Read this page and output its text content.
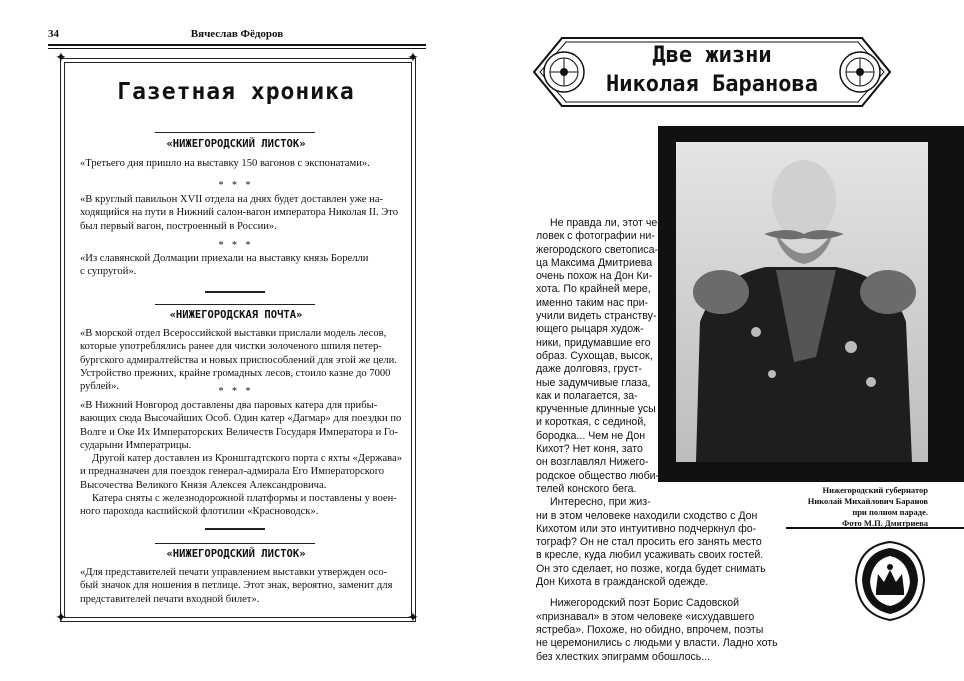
34	Вячеслав Фёдоров
✦	✦
✦	✦
Газетная хроника
«НИЖЕГОРОДСКИЙ ЛИСТОК»
«Третьего дня пришло на выставку 150 вагонов с экспонатами».
* * *
«В круглый павильон XVII отдела на днях будет доставлен уже на-
ходящийся на пути в Нижний салон-вагон императора Николая II. Это
был первый вагон, построенный в России».
* * *
«Из славянской Долмации приехали на выставку князь Борелли
с супругой».
«НИЖЕГОРОДСКАЯ ПОЧТА»
«В морской отдел Всероссийской выставки прислали модель лесов,
которые употреблялись ранее для чистки золоченого шпиля петер-
бургского адмиралтейства и новых приспособлений для этой же цели.
Устройство прежних, крайне громадных лесов, стоило казне до 7000
рублей».	* * *
«В Нижний Новгород доставлены два паровых катера для прибы-
вающих сюда Высочайших Особ. Один катер «Дагмар» для поездки по
Волге и Оке Их Императорских Величеств Государя Императора и Го-
сударыни Императрицы.
Другой катер доставлен из Кронштадтского порта с яхты «Держава»
и предназначен для поездок генерал-адмирала Его Императорского
Высочества Великого Князя Алексея Александровича.
Катера сняты с железнодорожной платформы и поставлены у воен-
ного парохода каспийской флотилии «Красноводск».
«НИЖЕГОРОДСКИЙ ЛИСТОК»
«Для представителей печати управлением выставки утвержден осо-
бый значок для ношения в петлице. Этот знак, вероятно, заменит для
представителей печати входной билет».
Две жизни
Николая Баранова
Не правда ли, этот че-
ловек с фотографии ни-
жегородского светописа-
ца Максима Дмитриева
очень похож на Дон Ки-
хота. По крайней мере,
именно таким нас при-
учили видеть странству-
ющего рыцаря худож-
ники, придумавшие его
образ. Сухощав, высок,
даже долговяз, груст-
ные задумчивые глаза,
как и полагается, за-
крученные длинные усы
и короткая, с сединой,
бородка... Чем не Дон
Кихот? Нет коня, зато
он возглавлял Нижего-
родское общество люби-
телей конского бега.
Интересно, при жиз-
ни в этом человеке находили сходство с Дон
Кихотом или это интуитивно подчеркнул фо-
тограф? Он не стал просить его занять место
в кресле, куда любил усаживать своих гостей.
Он это сделает, но позже, когда будет снимать
Дон Кихота в гражданской одежде.
Нижегородский поэт Борис Садовской
«признавал» в этом человеке «исхудавшего
ястреба». Похоже, но обидно, впрочем, поэты
не церемонились с людьми у власти. Ладно хоть
без хлестких эпиграмм обошлось...
Нижегородский губернатор
Николай Михайлович Баранов
при полном параде.
Фото М.П. Дмитриева
